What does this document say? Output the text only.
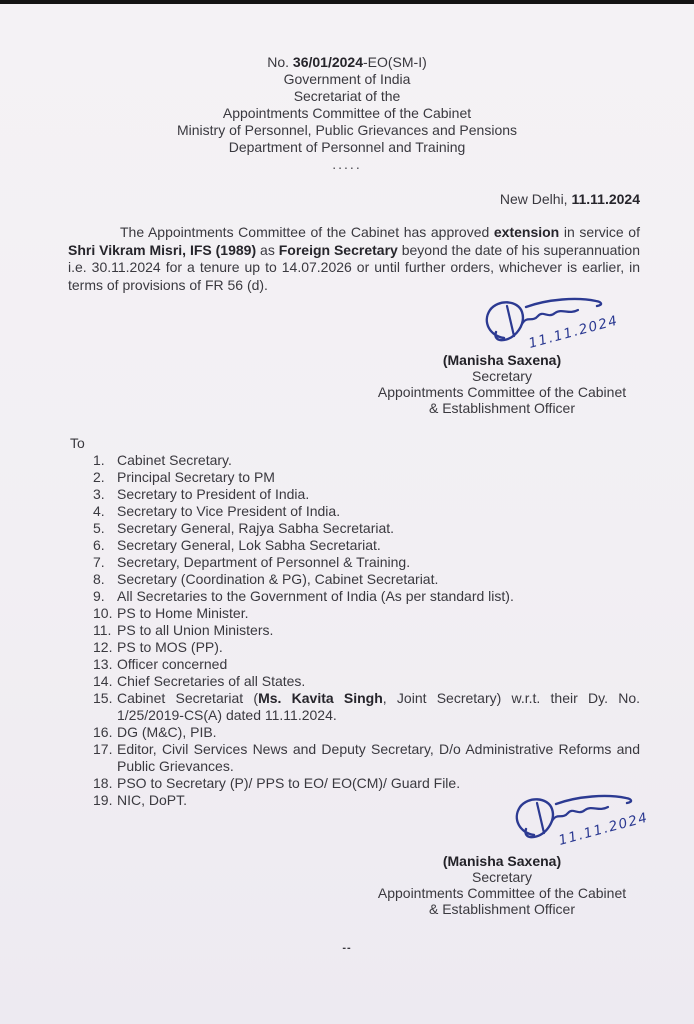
No. 36/01/2024-EO(SM-I)
Government of India
Secretariat of the
Appointments Committee of the Cabinet
Ministry of Personnel, Public Grievances and Pensions
Department of Personnel and Training
.....
New Delhi, 11.11.2024
The Appointments Committee of the Cabinet has approved extension in service of Shri Vikram Misri, IFS (1989) as Foreign Secretary beyond the date of his superannuation i.e. 30.11.2024 for a tenure up to 14.07.2026 or until further orders, whichever is earlier, in terms of provisions of FR 56 (d).
11.11.2024
(Manisha Saxena)
Secretary
Appointments Committee of the Cabinet
& Establishment Officer
To
1. Cabinet Secretary.
2. Principal Secretary to PM
3. Secretary to President of India.
4. Secretary to Vice President of India.
5. Secretary General, Rajya Sabha Secretariat.
6. Secretary General, Lok Sabha Secretariat.
7. Secretary, Department of Personnel & Training.
8. Secretary (Coordination & PG), Cabinet Secretariat.
9. All Secretaries to the Government of India (As per standard list).
10. PS to Home Minister.
11. PS to all Union Ministers.
12. PS to MOS (PP).
13. Officer concerned
14. Chief Secretaries of all States.
15. Cabinet Secretariat (Ms. Kavita Singh, Joint Secretary) w.r.t. their Dy. No. 1/25/2019-CS(A) dated 11.11.2024.
16. DG (M&C), PIB.
17. Editor, Civil Services News and Deputy Secretary, D/o Administrative Reforms and Public Grievances.
18. PSO to Secretary (P)/ PPS to EO/ EO(CM)/ Guard File.
19. NIC, DoPT.
11.11.2024
(Manisha Saxena)
Secretary
Appointments Committee of the Cabinet
& Establishment Officer
--
